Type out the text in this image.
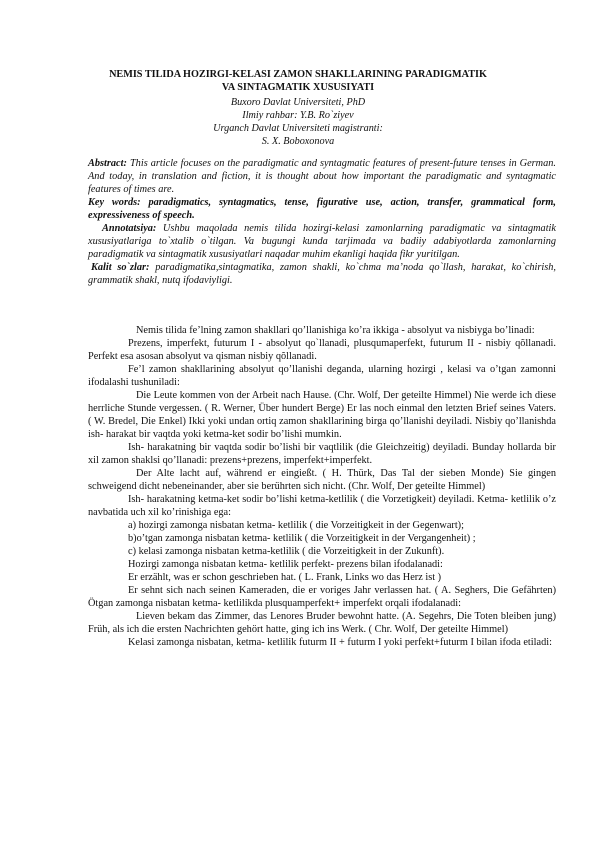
NEMIS TILIDA HOZIRGI-KELASI ZAMON SHAKLLARINING PARADIGMATIK
VA SINTAGMATIK XUSUSIYATI
Buxoro Davlat Universiteti, PhD
Ilmiy rahbar: Y.B. Ro`ziyev
Urganch Davlat Universiteti magistranti:
S. X. Boboxonova

Abstract: This article focuses on the paradigmatic and syntagmatic features of present-future tenses in German. And today, in translation and fiction, it is thought about how important the paradigmatic and syntagmatic features of times are.

Key words: paradigmatics, syntagmatics, tense, figurative use, action, transfer, grammatical form, expressiveness of speech.

Annotatsiya: Ushbu maqolada nemis tilida hozirgi-kelasi zamonlarning paradigmatic va sintagmatik xususiyatlariga to`xtalib o`tilgan. Va bugungi kunda tarjimada va badiiy adabiyotlarda zamonlarning paradigmatik va sintagmatik xususiyatlari naqadar muhim ekanligi haqida fikr yuritilgan.

Kalit so`zlar: paradigmatika,sintagmatika, zamon shakli, ko`chma ma’noda qo`llash, harakat, ko`chirish, grammatik shakl, nutq ifodaviyligi.

Nemis tilida fe’lning zamon shakllari qo’llanishiga ko’ra ikkiga - absolyut va nisbiyga bo’linadi:

Prezens, imperfekt, futurum I - absolyut qo`llanadi, plusqumaperfekt, futurum II - nisbiy qõllanadi. Perfekt esa asosan absolyut va qisman nisbiy qõllanadi.

Fe’l zamon shakllarining absolyut qo’llanishi deganda, ularning hozirgi , kelasi va o’tgan zamonni ifodalashi tushuniladi:

Die Leute kommen von der Arbeit nach Hause. (Chr. Wolf, Der geteilte Himmel) Nie werde ich diese herrliche Stunde vergessen. ( R. Werner, Über hundert Berge) Er las noch einmal den letzten Brief seines Vaters. ( W. Bredel, Die Enkel) Ikki yoki undan ortiq zamon shakllarining birga qo’llanishi deyiladi. Nisbiy qo’llanishda ish- harakat bir vaqtda yoki ketma-ket sodir bo’lishi mumkin.

Ish- harakatning bir vaqtda sodir bo’lishi bir vaqtlilik (die Gleichzeitig) deyiladi. Bunday hollarda bir xil zamon shaklsi qo’llanadi: prezens+prezens, imperfekt+imperfekt.

Der Alte lacht auf, während er eingießt. ( H. Thürk, Das Tal der sieben Monde) Sie gingen schweigend dicht nebeneinander, aber sie berührten sich nicht. (Chr. Wolf, Der geteilte Himmel)

Ish- harakatning ketma-ket sodir bo’lishi ketma-ketlilik ( die Vorzetigkeit) deyiladi. Ketma- ketlilik o’z navbatida uch xil ko’rinishiga ega:

a) hozirgi zamonga nisbatan ketma- ketlilik ( die Vorzeitigkeit in der Gegenwart);

b)o’tgan zamonga nisbatan ketma- ketlilik ( die Vorzeitigkeit in der Vergangenheit) ;

c) kelasi zamonga nisbatan ketma-ketlilik ( die Vorzeitigkeit in der Zukunft).

Hozirgi zamonga nisbatan ketma- ketlilik perfekt- prezens bilan ifodalanadi:

Er erzählt, was er schon geschrieben hat. ( L. Frank, Links wo das Herz ist )

Er sehnt sich nach seinen Kameraden, die er voriges Jahr verlassen hat. ( A. Seghers, Die Gefährten) Ötgan zamonga nisbatan ketma- ketlilikda plusquamperfekt+ imperfekt orqali ifodalanadi:

Lieven bekam das Zimmer, das Lenores Bruder bewohnt hatte. (A. Segehrs, Die Toten bleiben jung) Früh, als ich die ersten Nachrichten gehört hatte, ging ich ins Werk. ( Chr. Wolf, Der geteilte Himmel)

Kelasi zamonga nisbatan, ketma- ketlilik futurm II + futurm I yoki perfekt+futurm I bilan ifoda etiladi:
